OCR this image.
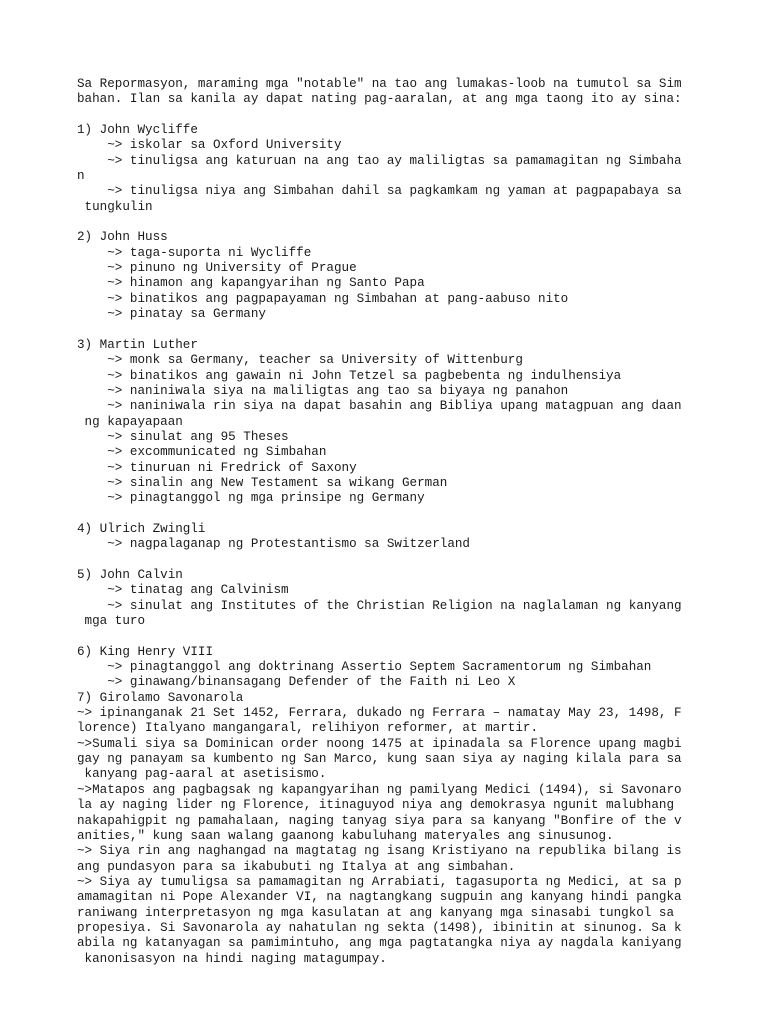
Sa Repormasyon, maraming mga "notable" na tao ang lumakas-loob na tumutol sa Sim
bahan. Ilan sa kanila ay dapat nating pag-aaralan, at ang mga taong ito ay sina:

1) John Wycliffe
~> iskolar sa Oxford University
~> tinuligsa ang katuruan na ang tao ay maliligtas sa pamamagitan ng Simbaha
n
~> tinuligsa niya ang Simbahan dahil sa pagkamkam ng yaman at pagpapabaya sa
tungkulin

2) John Huss
~> taga-suporta ni Wycliffe
~> pinuno ng University of Prague
~> hinamon ang kapangyarihan ng Santo Papa
~> binatikos ang pagpapayaman ng Simbahan at pang-aabuso nito
~> pinatay sa Germany

3) Martin Luther
~> monk sa Germany, teacher sa University of Wittenburg
~> binatikos ang gawain ni John Tetzel sa pagbebenta ng indulhensiya
~> naniniwala siya na maliligtas ang tao sa biyaya ng panahon
~> naniniwala rin siya na dapat basahin ang Bibliya upang matagpuan ang daan
ng kapayapaan
~> sinulat ang 95 Theses
~> excommunicated ng Simbahan
~> tinuruan ni Fredrick of Saxony
~> sinalin ang New Testament sa wikang German
~> pinagtanggol ng mga prinsipe ng Germany

4) Ulrich Zwingli
~> nagpalaganap ng Protestantismo sa Switzerland

5) John Calvin
~> tinatag ang Calvinism
~> sinulat ang Institutes of the Christian Religion na naglalaman ng kanyang
mga turo

6) King Henry VIII
~> pinagtanggol ang doktrinang Assertio Septem Sacramentorum ng Simbahan
~> ginawang/binansagang Defender of the Faith ni Leo X
7) Girolamo Savonarola
~> ipinanganak 21 Set 1452, Ferrara, dukado ng Ferrara – namatay May 23, 1498, F
lorence) Italyano mangangaral, relihiyon reformer, at martir.
~>Sumali siya sa Dominican order noong 1475 at ipinadala sa Florence upang magbi
gay ng panayam sa kumbento ng San Marco, kung saan siya ay naging kilala para sa
kanyang pag-aaral at asetisismo.
~>Matapos ang pagbagsak ng kapangyarihan ng pamilyang Medici (1494), si Savonaro
la ay naging lider ng Florence, itinaguyod niya ang demokrasya ngunit malubhang
nakapahigpit ng pamahalaan, naging tanyag siya para sa kanyang "Bonfire of the v
anities," kung saan walang gaanong kabuluhang materyales ang sinusunog.
~> Siya rin ang naghangad na magtatag ng isang Kristiyano na republika bilang is
ang pundasyon para sa ikabubuti ng Italya at ang simbahan.
~> Siya ay tumuligsa sa pamamagitan ng Arrabiati, tagasuporta ng Medici, at sa p
amamagitan ni Pope Alexander VI, na nagtangkang sugpuin ang kanyang hindi pangka
raniwang interpretasyon ng mga kasulatan at ang kanyang mga sinasabi tungkol sa
propesiya. Si Savonarola ay nahatulan ng sekta (1498), ibinitin at sinunog. Sa k
abila ng katanyagan sa pamimintuho, ang mga pagtatangka niya ay nagdala kaniyang
kanonisasyon na hindi naging matagumpay.
